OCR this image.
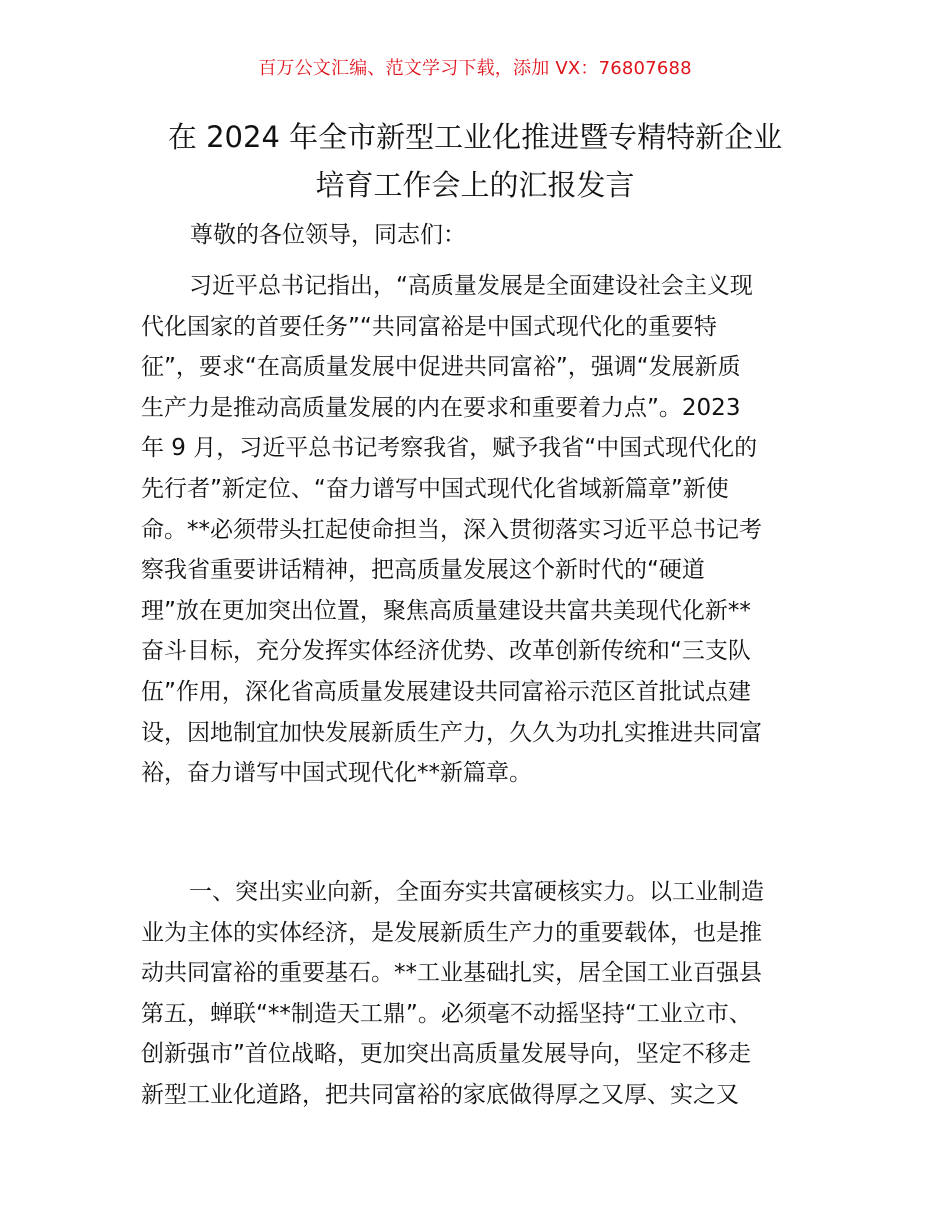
百万公文汇编、范文学习下载，添加 VX：76807688
在 2024 年全市新型工业化推进暨专精特新企业
培育工作会上的汇报发言
尊敬的各位领导，同志们：
习近平总书记指出，“高质量发展是全面建设社会主义现
代化国家的首要任务”“共同富裕是中国式现代化的重要特
征”，要求“在高质量发展中促进共同富裕”，强调“发展新质
生产力是推动高质量发展的内在要求和重要着力点”。2023
年 9 月，习近平总书记考察我省，赋予我省“中国式现代化的
先行者”新定位、“奋力谱写中国式现代化省域新篇章”新使
命。**必须带头扛起使命担当，深入贯彻落实习近平总书记考
察我省重要讲话精神，把高质量发展这个新时代的“硬道
理”放在更加突出位置，聚焦高质量建设共富共美现代化新**
奋斗目标，充分发挥实体经济优势、改革创新传统和“三支队
伍”作用，深化省高质量发展建设共同富裕示范区首批试点建
设，因地制宜加快发展新质生产力，久久为功扎实推进共同富
裕，奋力谱写中国式现代化**新篇章。
一、突出实业向新，全面夯实共富硬核实力。以工业制造
业为主体的实体经济，是发展新质生产力的重要载体，也是推
动共同富裕的重要基石。**工业基础扎实，居全国工业百强县
第五，蝉联“**制造天工鼎”。必须毫不动摇坚持“工业立市、
创新强市”首位战略，更加突出高质量发展导向，坚定不移走
新型工业化道路，把共同富裕的家底做得厚之又厚、实之又
